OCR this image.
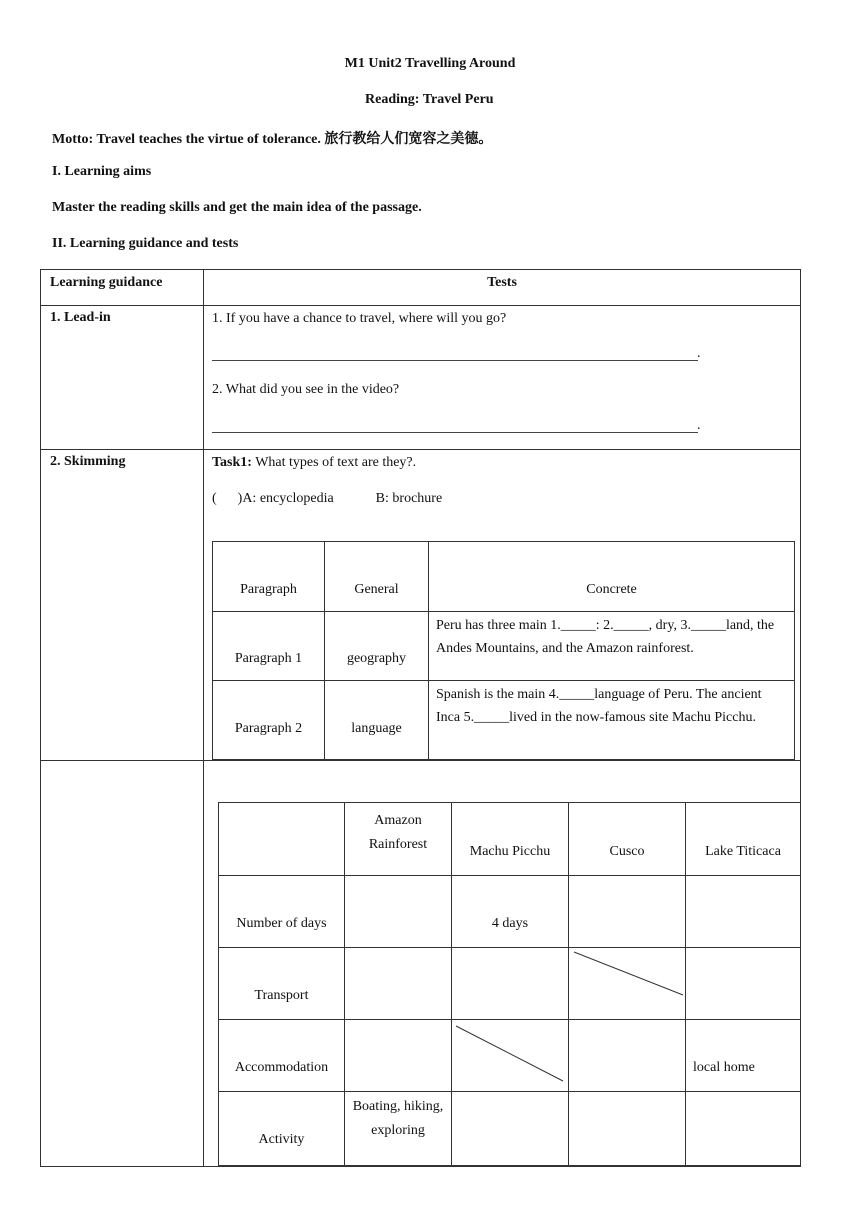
M1 Unit2 Travelling Around
Reading: Travel Peru
Motto: Travel teaches the virtue of tolerance. 旅行教给人们宽容之美德。
I. Learning aims
Master the reading skills and get the main idea of the passage.
II. Learning guidance and tests
Learning guidance	Tests
1. Lead-in	1. If you have a chance to travel, where will you go?
.
2. What did you see in the video?
.
2. Skimming	Task1: What types of text are they?.
(      )A: encyclopedia            B: brochure
Paragraph	General	Concrete
Paragraph 1	geography	Peru has three main 1._____: 2._____, dry, 3._____land, the Andes Mountains, and the Amazon rainforest.
Paragraph 2	language	Spanish is the main 4._____language of Peru. The ancient Inca 5._____lived in the now-famous site Machu Picchu.
	Amazon Rainforest	Machu Picchu	Cusco	Lake Titicaca
Number of days		4 days		
Transport				
Accommodation				local home
Activity	Boating, hiking, exploring			
